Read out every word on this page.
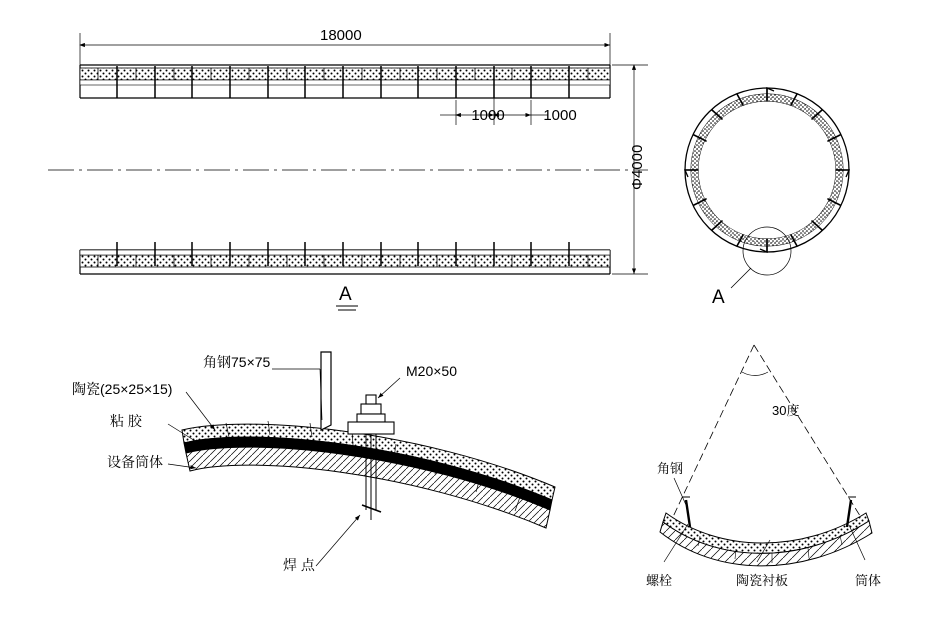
18000
1000	1000
Φ4000
A	A
角钢75×75
M20×50
陶瓷(25×25×15)
粘 胶
设备筒体
焊 点
30度
角钢
螺栓	陶瓷衬板	筒体
